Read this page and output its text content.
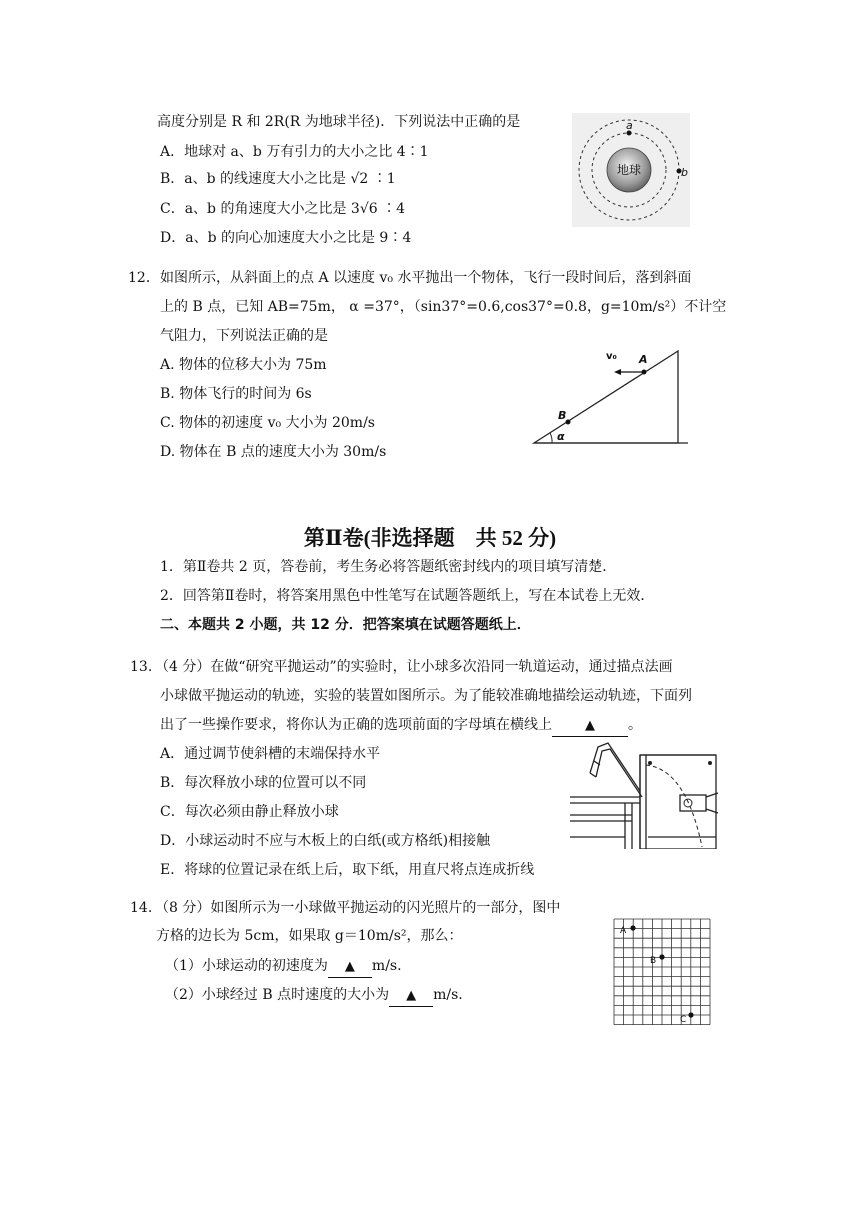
高度分别是 R 和 2R(R 为地球半径)．下列说法中正确的是
A．地球对 a、b 万有引力的大小之比 4∶1
B．a、b 的线速度大小之比是 √2 ∶1
C．a、b 的角速度大小之比是 3√6 ∶4
D．a、b 的向心加速度大小之比是 9∶4
地球
a
b
12． 如图所示，从斜面上的点 A 以速度 v₀ 水平抛出一个物体，飞行一段时间后，落到斜面
上的 B 点，已知 AB=75m， α =37°，（sin37°=0.6,cos37°=0.8，g=10m/s²）不计空
气阻力，下列说法正确的是
A. 物体的位移大小为 75m
B. 物体飞行的时间为 6s
C. 物体的初速度 v₀ 大小为 20m/s
D. 物体在 B 点的速度大小为 30m/s
A
v₀
B
α
第Ⅱ卷(非选择题　共 52 分)
1．第Ⅱ卷共 2 页，答卷前，考生务必将答题纸密封线内的项目填写清楚．
2．回答第Ⅱ卷时，将答案用黑色中性笔写在试题答题纸上，写在本试卷上无效．
二、本题共 2 小题，共 12 分．把答案填在试题答题纸上．
13. （4 分）在做“研究平抛运动”的实验时，让小球多次沿同一轨道运动，通过描点法画
小球做平抛运动的轨迹，实验的装置如图所示。为了能较准确地描绘运动轨迹，下面列
出了一些操作要求，将你认为正确的选项前面的字母填在横线上	▲ 。
A．通过调节使斜槽的末端保持水平
B．每次释放小球的位置可以不同
C．每次必须由静止释放小球
D．小球运动时不应与木板上的白纸(或方格纸)相接触
E．将球的位置记录在纸上后，取下纸，用直尺将点连成折线
14. （8 分）如图所示为一小球做平抛运动的闪光照片的一部分，图中
方格的边长为 5cm，如果取 g＝10m/s²，那么：
（1）小球运动的初速度为 ▲ m/s.
（2）小球经过 B 点时速度的大小为 ▲ m/s.
A
B
C
